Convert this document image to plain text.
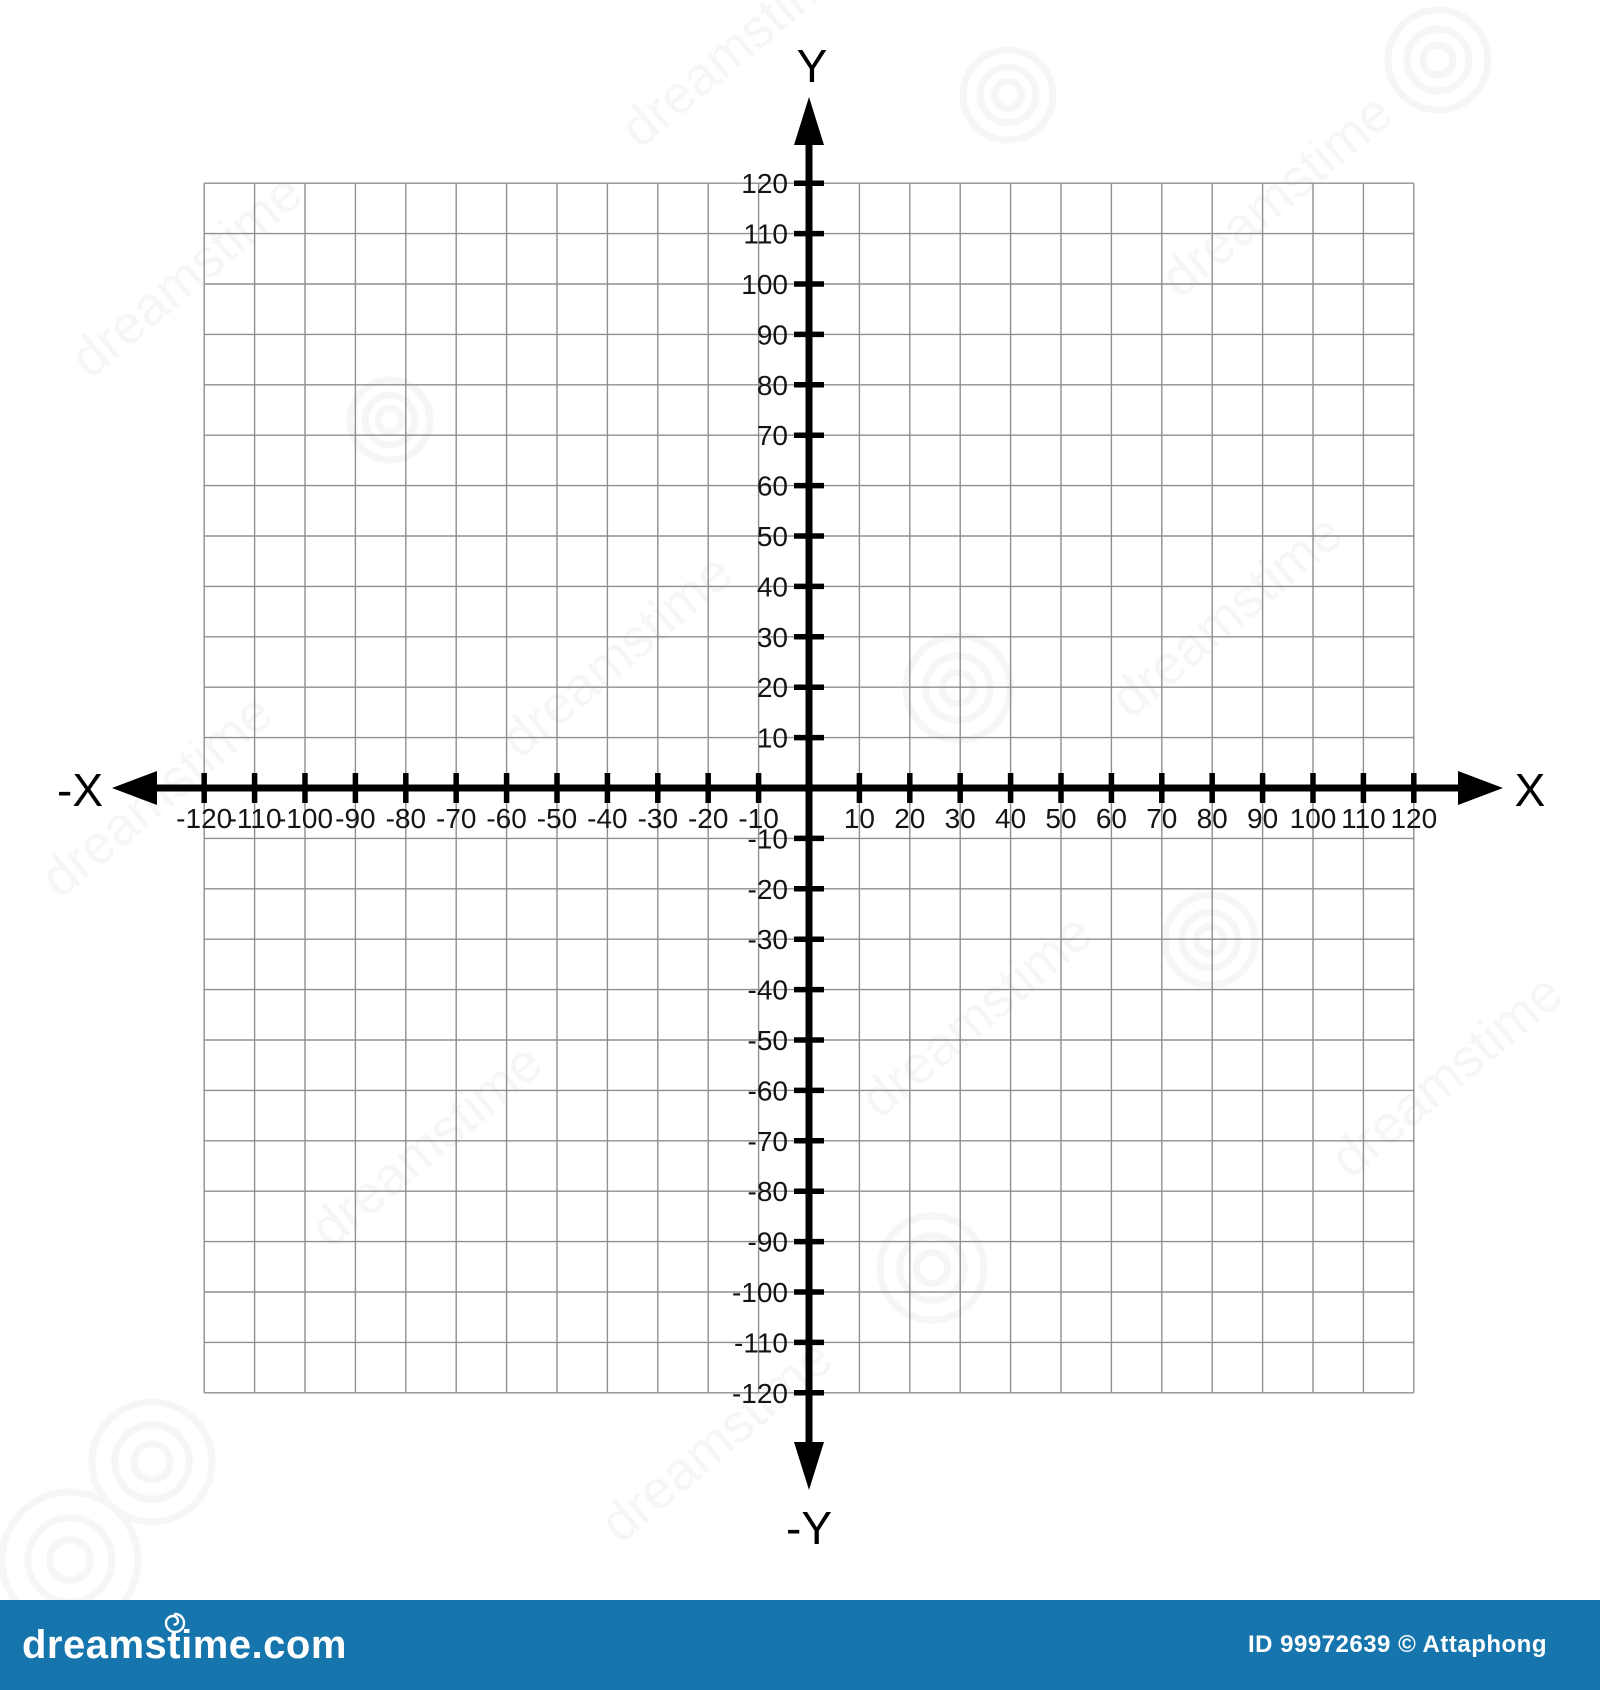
-120
-110
-100 -90 -80 -70 -60 -50 -40 -30 -20 -10 10 20 30 40 50 60 70 80 90 100 110 120
120
110
100
90
80
70
60
50
40
30
20
10
-10
-20
-30
-40
-50
-60
-70
-80
-90
-100
-110
-120
X
-X
Y
-Y
dreamstime.com	ID 99972639 © Attaphong
